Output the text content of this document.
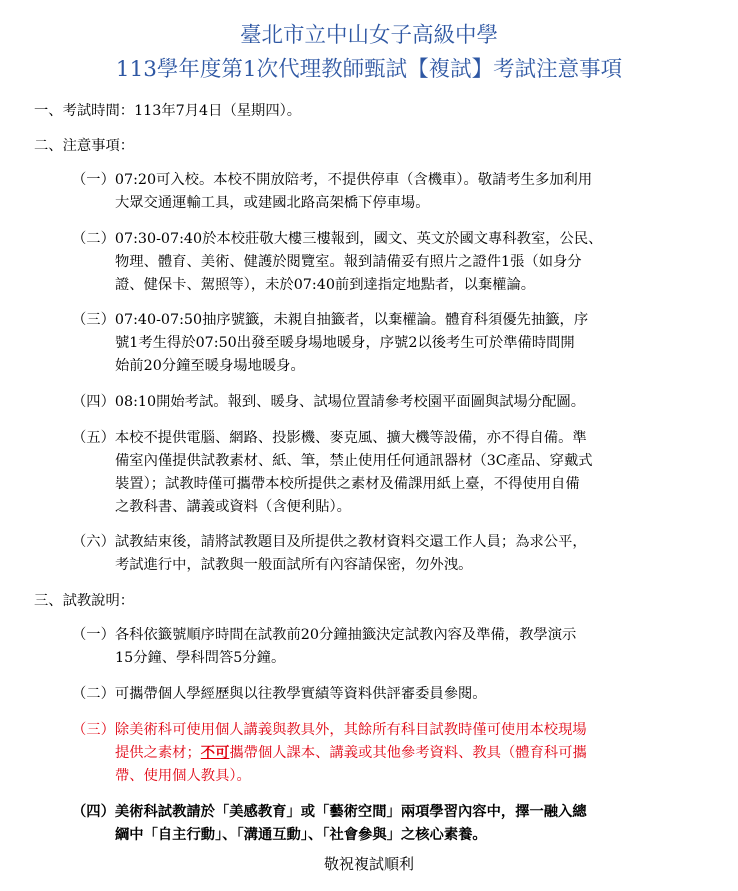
臺北市立中山女子高級中學
113學年度第1次代理教師甄試【複試】考試注意事項
一、考試時間：113年7月4日（星期四）。
二、注意事項：
（一）07:20可入校。本校不開放陪考，不提供停車（含機車）。敬請考生多加利用
大眾交通運輸工具，或建國北路高架橋下停車場。
（二）07:30-07:40於本校莊敬大樓三樓報到，國文、英文於國文專科教室，公民、
物理、體育、美術、健護於閱覽室。報到請備妥有照片之證件1張（如身分
證、健保卡、駕照等），未於07:40前到達指定地點者，以棄權論。
（三）07:40-07:50抽序號籤，未親自抽籤者，以棄權論。體育科須優先抽籤，序
號1考生得於07:50出發至暖身場地暖身，序號2以後考生可於準備時間開
始前20分鐘至暖身場地暖身。
（四）08:10開始考試。報到、暖身、試場位置請參考校園平面圖與試場分配圖。
（五）本校不提供電腦、網路、投影機、麥克風、擴大機等設備，亦不得自備。準
備室內僅提供試教素材、紙、筆，禁止使用任何通訊器材（3C產品、穿戴式
裝置）；試教時僅可攜帶本校所提供之素材及備課用紙上臺，不得使用自備
之教科書、講義或資料（含便利貼）。
（六）試教結束後，請將試教題目及所提供之教材資料交還工作人員；為求公平，
考試進行中，試教與一般面試所有內容請保密，勿外洩。
三、試教說明：
（一）各科依籤號順序時間在試教前20分鐘抽籤決定試教內容及準備，教學演示
15分鐘、學科問答5分鐘。
（二）可攜帶個人學經歷與以往教學實績等資料供評審委員參閱。
（三）除美術科可使用個人講義與教具外，其餘所有科目試教時僅可使用本校現場
提供之素材；不可攜帶個人課本、講義或其他參考資料、教具（體育科可攜
帶、使用個人教具）。
（四）美術科試教請於「美感教育」或「藝術空間」兩項學習內容中，擇一融入總
綱中「自主行動」、「溝通互動」、「社會參與」之核心素養。
敬祝複試順利
